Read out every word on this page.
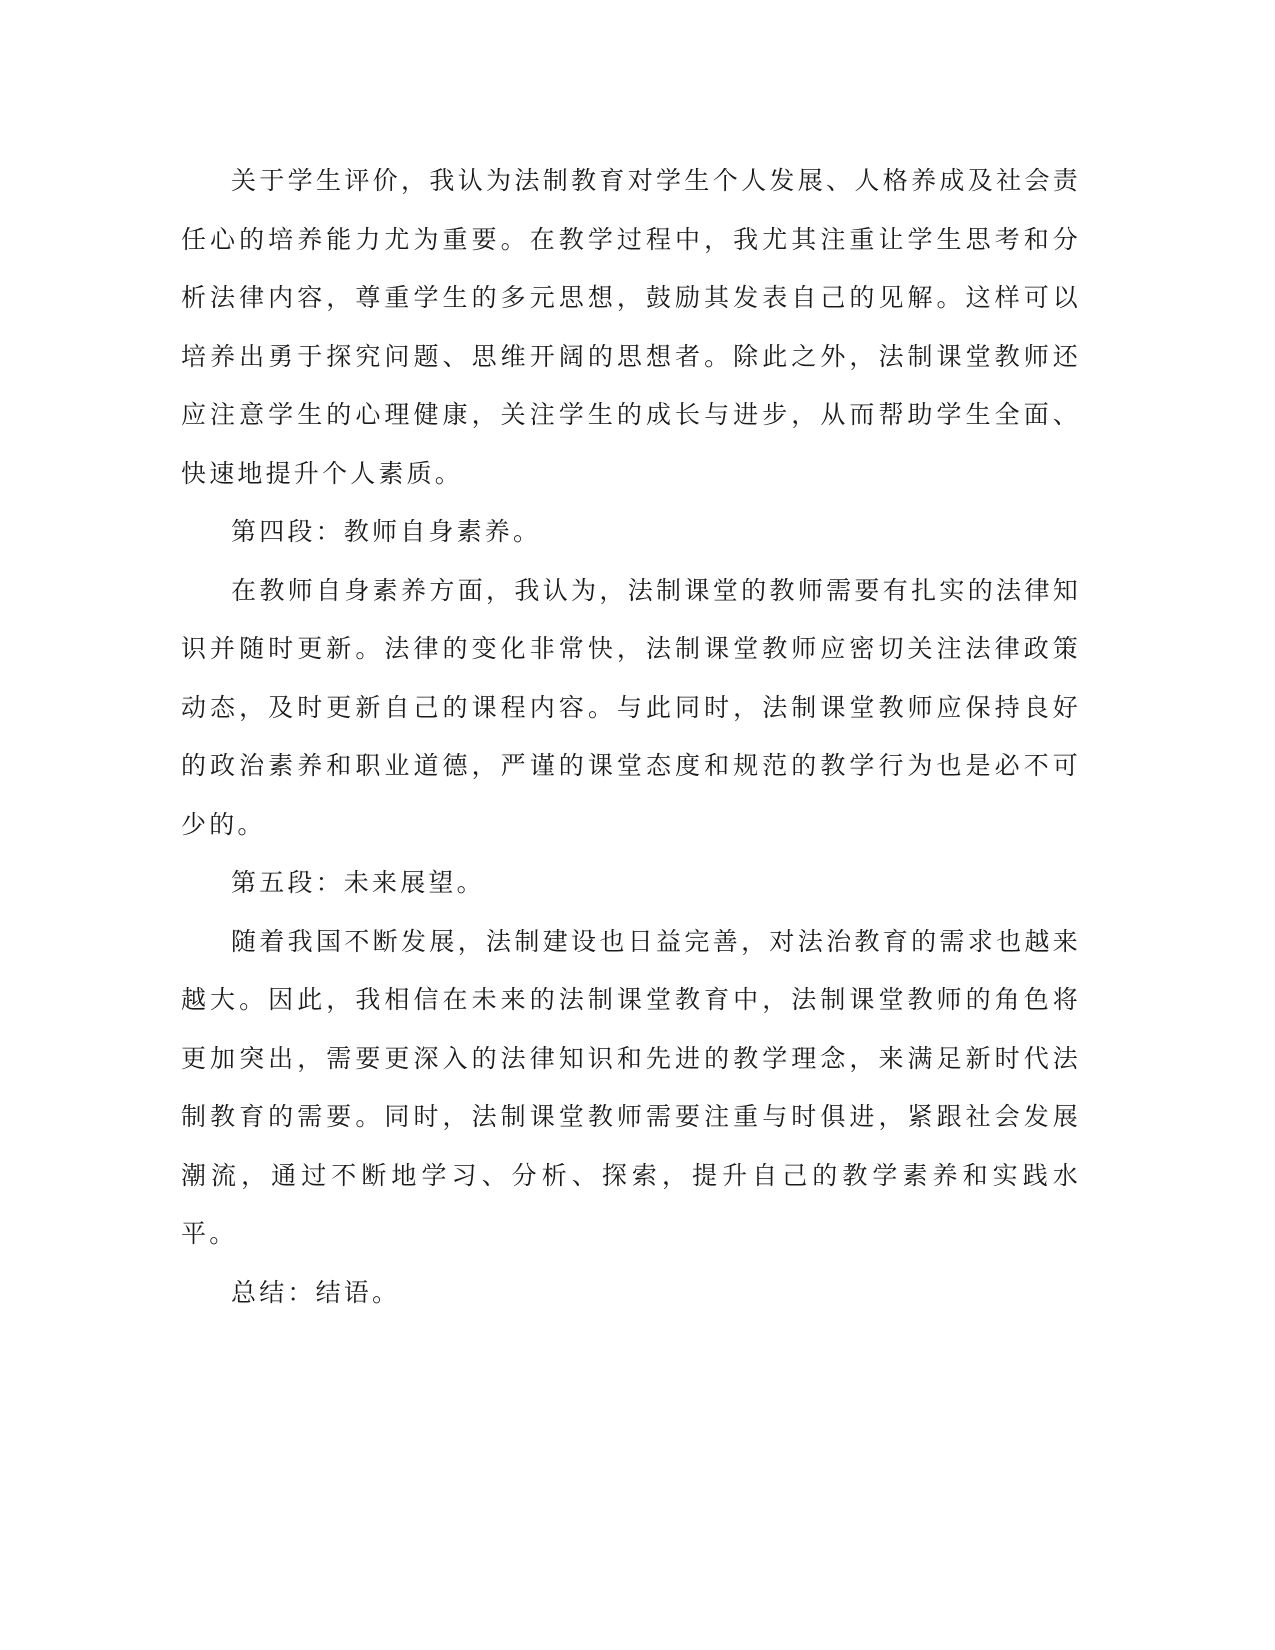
关于学生评价，我认为法制教育对学生个人发展、人格养成及社会责任心的培养能力尤为重要。在教学过程中，我尤其注重让学生思考和分析法律内容，尊重学生的多元思想，鼓励其发表自己的见解。这样可以培养出勇于探究问题、思维开阔的思想者。除此之外，法制课堂教师还应注意学生的心理健康，关注学生的成长与进步，从而帮助学生全面、快速地提升个人素质。

第四段：教师自身素养。

在教师自身素养方面，我认为，法制课堂的教师需要有扎实的法律知识并随时更新。法律的变化非常快，法制课堂教师应密切关注法律政策动态，及时更新自己的课程内容。与此同时，法制课堂教师应保持良好的政治素养和职业道德，严谨的课堂态度和规范的教学行为也是必不可少的。

第五段：未来展望。

随着我国不断发展，法制建设也日益完善，对法治教育的需求也越来越大。因此，我相信在未来的法制课堂教育中，法制课堂教师的角色将更加突出，需要更深入的法律知识和先进的教学理念，来满足新时代法制教育的需要。同时，法制课堂教师需要注重与时俱进，紧跟社会发展潮流，通过不断地学习、分析、探索，提升自己的教学素养和实践水平。

总结：结语。
